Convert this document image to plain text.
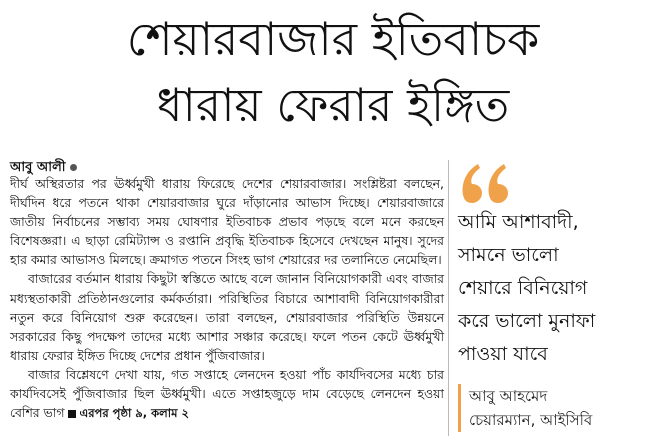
শেয়ারবাজার ইতিবাচক
ধারায় ফেরার ইঙ্গিত
আবু আলী

দীর্ঘ অস্থিরতার পর ঊর্ধ্বমুখী ধারায় ফিরেছে দেশের শেয়ারবাজার। সংশ্লিষ্টরা বলছেন, দীর্ঘদিন ধরে পতনে থাকা শেয়ারবাজার ঘুরে দাঁড়ানোর আভাস দিচ্ছে। শেয়ারবাজারে জাতীয় নির্বাচনের সম্ভাব্য সময় ঘোষণার ইতিবাচক প্রভাব পড়ছে বলে মনে করছেন বিশেষজ্ঞরা। এ ছাড়া রেমিট্যান্স ও রপ্তানি প্রবৃদ্ধি ইতিবাচক হিসেবে দেখছেন মানুষ। সুদের হার কমার আভাসও মিলছে। ক্রমাগত পতনে সিংহ ভাগ শেয়ারের দর তলানিতে নেমেছিল।

বাজারের বর্তমান ধারায় কিছুটা স্বস্তিতে আছে বলে জানান বিনিয়োগকারী এবং বাজার মধ্যস্থতাকারী প্রতিষ্ঠানগুলোর কর্মকর্তারা। পরিস্থিতির বিচারে আশাবাদী বিনিয়োগকারীরা নতুন করে বিনিয়োগ শুরু করেছেন। তারা বলছেন, শেয়ারবাজার পরিস্থিতি উন্নয়নে সরকারের কিছু পদক্ষেপ তাদের মধ্যে আশার সঞ্চার করেছে। ফলে পতন কেটে ঊর্ধ্বমুখী ধারায় ফেরার ইঙ্গিত দিচ্ছে দেশের প্রধান পুঁজিবাজার।

বাজার বিশ্লেষণে দেখা যায়, গত সপ্তাহে লেনদেন হওয়া পাঁচ কার্যদিবসের মধ্যে চার কার্যদিবসেই পুঁজিবাজার ছিল ঊর্ধ্বমুখী। এতে সপ্তাহজুড়ে দাম বেড়েছে লেনদেন হওয়া বেশির ভাগ এরপর পৃষ্ঠা ৯, কলাম ২

আমি আশাবাদী,
সামনে ভালো
শেয়ারে বিনিয়োগ
করে ভালো মুনাফা
পাওয়া যাবে
আবু আহমেদ
চেয়ারম্যান, আইসিবি
